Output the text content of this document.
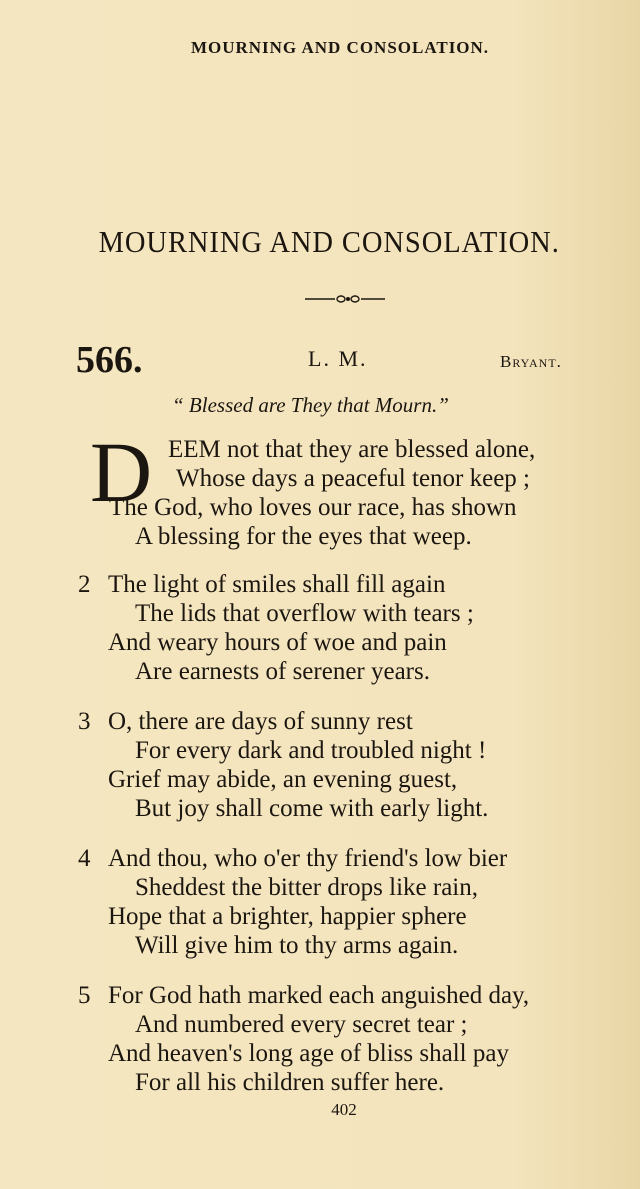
MOURNING AND CONSOLATION.
MOURNING AND CONSOLATION.
566.	L. M.	Bryant.
“ Blessed are They that Mourn.”
D EEM not that they are blessed alone,
Whose days a peaceful tenor keep ;
The God, who loves our race, has shown
A blessing for the eyes that weep.
2 The light of smiles shall fill again
The lids that overflow with tears ;
And weary hours of woe and pain
Are earnests of serener years.
3 O, there are days of sunny rest
For every dark and troubled night !
Grief may abide, an evening guest,
But joy shall come with early light.
4 And thou, who o'er thy friend's low bier
Sheddest the bitter drops like rain,
Hope that a brighter, happier sphere
Will give him to thy arms again.
5 For God hath marked each anguished day,
And numbered every secret tear ;
And heaven's long age of bliss shall pay
For all his children suffer here.
402
